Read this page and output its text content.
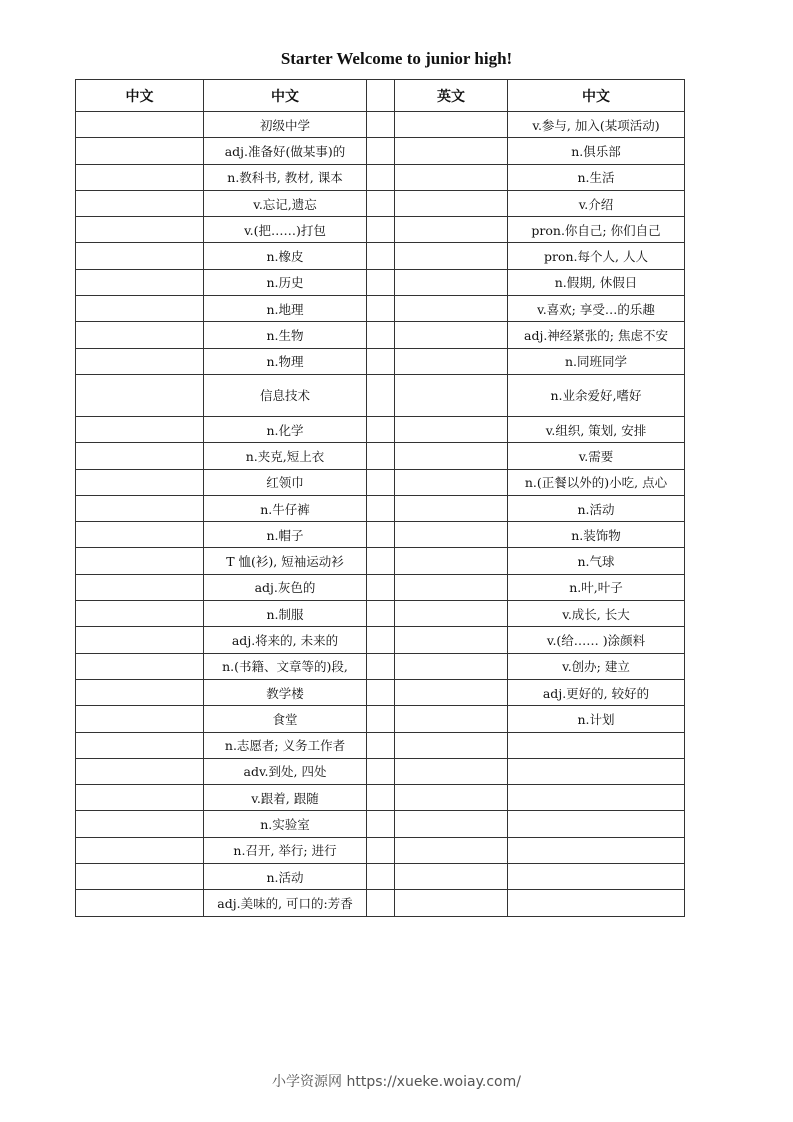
Starter Welcome to junior high!
中文	中文		英文	中文
	初级中学			v.参与, 加入(某项活动)
	adj.准备好(做某事)的			n.俱乐部
	n.教科书, 教材, 课本			n.生活
	v.忘记,遗忘			v.介绍
	v.(把……)打包			pron.你自己; 你们自己
	n.橡皮			pron.每个人, 人人
	n.历史			n.假期, 休假日
	n.地理			v.喜欢; 享受…的乐趣
	n.生物			adj.神经紧张的; 焦虑不安
	n.物理			n.同班同学
	信息技术			n.业余爱好,嗜好
	n.化学			v.组织, 策划, 安排
	n.夹克,短上衣			v.需要
	红领巾			n.(正餐以外的)小吃, 点心
	n.牛仔裤			n.活动
	n.帽子			n.装饰物
	T 恤(衫), 短袖运动衫			n.气球
	adj.灰色的			n.叶,叶子
	n.制服			v.成长, 长大
	adj.将来的, 未来的			v.(给…… )涂颜料
	n.(书籍、文章等的)段,			v.创办; 建立
	教学楼			adj.更好的, 较好的
	食堂			n.计划
	n.志愿者; 义务工作者			
	adv.到处, 四处			
	v.跟着, 跟随			
	n.实验室			
	n.召开, 举行; 进行			
	n.活动			
	adj.美味的, 可口的:芳香			
小学资源网 https://xueke.woiay.com/
